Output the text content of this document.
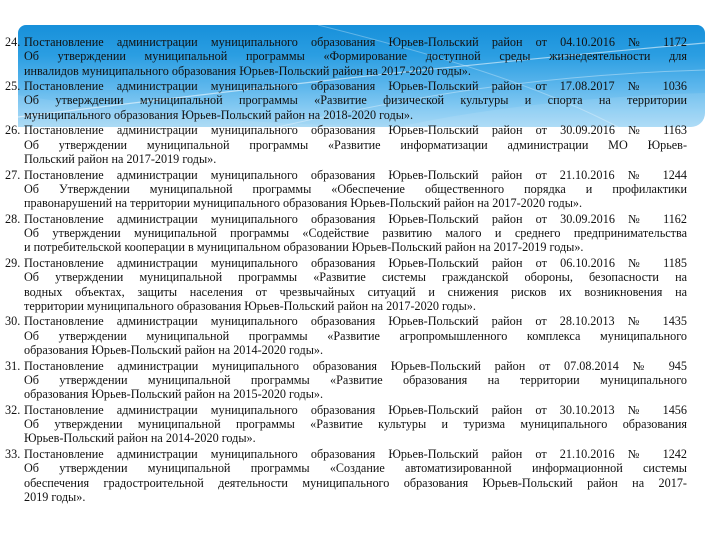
24. Постановление администрации муниципального образования Юрьев-Польский район от 04.10.2016 № 1172
Об утверждении муниципальной программы «Формирование доступной среды жизнедеятельности для
инвалидов муниципального образования Юрьев-Польский район на 2017-2020 годы».
25. Постановление администрации муниципального образования Юрьев-Польский район от 17.08.2017 № 1036
Об утверждении муниципальной программы «Развитие физической культуры и спорта на территории
муниципального образования Юрьев-Польский район на 2018-2020 годы».
26. Постановление администрации муниципального образования Юрьев-Польский район от 30.09.2016 № 1163
Об утверждении муниципальной программы «Развитие информатизации администрации МО Юрьев-
Польский район на 2017-2019 годы».
27. Постановление администрации муниципального образования Юрьев-Польский район от 21.10.2016 № 1244
Об Утверждении муниципальной программы «Обеспечение общественного порядка и профилактики
правонарушений на территории муниципального образования Юрьев-Польский район на 2017-2020 годы».
28. Постановление администрации муниципального образования Юрьев-Польский район от 30.09.2016 № 1162
Об утверждении муниципальной программы «Содействие развитию малого и среднего предпринимательства
и потребительской кооперации в муниципальном образовании Юрьев-Польский район на 2017-2019 годы».
29. Постановление администрации муниципального образования Юрьев-Польский район от 06.10.2016 № 1185
Об утверждении муниципальной программы «Развитие системы гражданской обороны, безопасности на
водных объектах, защиты населения от чрезвычайных ситуаций и снижения рисков их возникновения на
территории муниципального образования Юрьев-Польский район на 2017-2020 годы».
30. Постановление администрации муниципального образования Юрьев-Польский район от 28.10.2013 № 1435
Об утверждении муниципальной программы «Развитие агропромышленного комплекса муниципального
образования Юрьев-Польский район на 2014-2020 годы».
31. Постановление администрации муниципального образования Юрьев-Польский район от 07.08.2014 № 945
Об утверждении муниципальной программы «Развитие образования на территории муниципального
образования Юрьев-Польский район на 2015-2020 годы».
32. Постановление администрации муниципального образования Юрьев-Польский район от 30.10.2013 № 1456
Об утверждении муниципальной программы «Развитие культуры и туризма муниципального образования
Юрьев-Польский район на 2014-2020 годы».
33. Постановление администрации муниципального образования Юрьев-Польский район от 21.10.2016 № 1242
Об утверждении муниципальной программы «Создание автоматизированной информационной системы
обеспечения градостроительной деятельности муниципального образования Юрьев-Польский район на 2017-
2019 годы».
